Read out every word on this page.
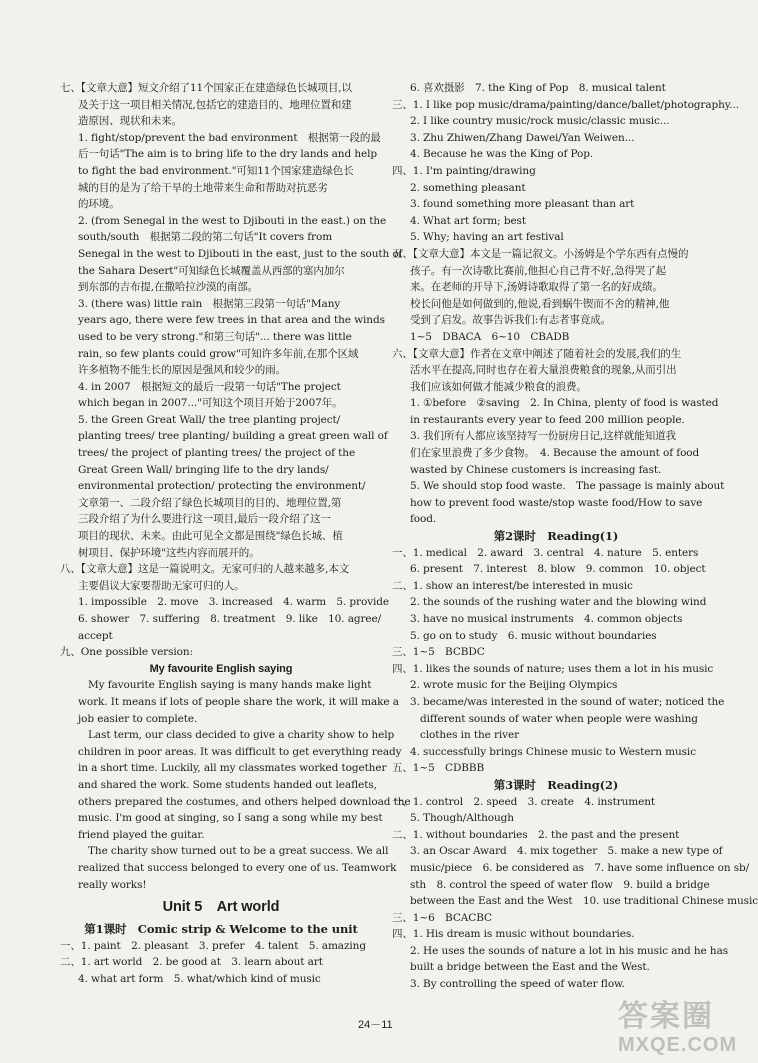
七、【文章大意】短文介绍了11个国家正在建造绿色长城项目,以
及关于这一项目相关情况,包括它的建造目的、地理位置和建
造原因、现状和未来。
1. fight/stop/prevent the bad environment　根据第一段的最
后一句话"The aim is to bring life to the dry lands and help
to fight the bad environment."可知11个国家建造绿色长
城的目的是为了给干旱的土地带来生命和帮助对抗恶劣
的环境。
2. (from Senegal in the west to Djibouti in the east.) on the
south/south　根据第二段的第二句话"It covers from
Senegal in the west to Djibouti in the east, just to the south of
the Sahara Desert"可知绿色长城覆盖从西部的塞内加尔
到东部的吉布提,在撒哈拉沙漠的南部。
3. (there was) little rain　根据第三段第一句话"Many
years ago, there were few trees in that area and the winds
used to be very strong."和第三句话"... there was little
rain, so few plants could grow"可知许多年前,在那个区域
许多植物不能生长的原因是强风和较少的雨。
4. in 2007　根据短文的最后一段第一句话"The project
which began in 2007..."可知这个项目开始于2007年。
5. the Green Great Wall/ the tree planting project/
planting trees/ tree planting/ building a great green wall of
trees/ the project of planting trees/ the project of the
Great Green Wall/ bringing life to the dry lands/
environmental protection/ protecting the environment/
文章第一、二段介绍了绿色长城项目的目的、地理位置,第
三段介绍了为什么要进行这一项目,最后一段介绍了这一
项目的现状、未来。由此可见全文都是围绕"绿色长城、植
树项目、保护环境"这些内容而展开的。
八、【文章大意】这是一篇说明文。无家可归的人越来越多,本文
主要倡议大家要帮助无家可归的人。
1. impossible　2. move　3. increased　4. warm　5. provide
6. shower　7. suffering　8. treatment　9. like　10. agree/
accept
九、One possible version:
My favourite English saying
My favourite English saying is many hands make light
work. It means if lots of people share the work, it will make a
job easier to complete.
Last term, our class decided to give a charity show to help
children in poor areas. It was difficult to get everything ready
in a short time. Luckily, all my classmates worked together
and shared the work. Some students handed out leaflets,
others prepared the costumes, and others helped download the
music. I'm good at singing, so I sang a song while my best
friend played the guitar.
The charity show turned out to be a great success. We all
realized that success belonged to every one of us. Teamwork
really works!
Unit 5　Art world
第1课时　Comic strip & Welcome to the unit
一、1. paint　2. pleasant　3. prefer　4. talent　5. amazing
二、1. art world　2. be good at　3. learn about art
4. what art form　5. what/which kind of music
6. 喜欢摄影　7. the King of Pop　8. musical talent
三、1. I like pop music/drama/painting/dance/ballet/photography...
2. I like country music/rock music/classic music...
3. Zhu Zhiwen/Zhang Dawei/Yan Weiwen...
4. Because he was the King of Pop.
四、1. I'm painting/drawing
2. something pleasant
3. found something more pleasant than art
4. What art form; best
5. Why; having an art festival
五、【文章大意】本文是一篇记叙文。小汤姆是个学东西有点慢的
孩子。有一次诗歌比赛前,他担心自己背不好,急得哭了起
来。在老师的开导下,汤姆诗歌取得了第一名的好成绩。
校长问他是如何做到的,他说,看到蜗牛锲而不舍的精神,他
受到了启发。故事告诉我们:有志者事竟成。
1~5　DBACA　6~10　CBADB
六、【文章大意】作者在文章中阐述了随着社会的发展,我们的生
活水平在提高,同时也存在着大量浪费粮食的现象,从而引出
我们应该如何做才能减少粮食的浪费。
1. ①before　②saving　2. In China, plenty of food is wasted
in restaurants every year to feed 200 million people.
3. 我们所有人都应该坚持写一份厨房日记,这样就能知道我
们在家里浪费了多少食物。　4. Because the amount of food
wasted by Chinese customers is increasing fast.
5. We should stop food waste.　The passage is mainly about
how to prevent food waste/stop waste food/How to save
food.
第2课时　Reading(1)
一、1. medical　2. award　3. central　4. nature　5. enters
6. present　7. interest　8. blow　9. common　10. object
二、1. show an interest/be interested in music
2. the sounds of the rushing water and the blowing wind
3. have no musical instruments　4. common objects
5. go on to study　6. music without boundaries
三、1~5　BCBDC
四、1. likes the sounds of nature; uses them a lot in his music
2. wrote music for the Beijing Olympics
3. became/was interested in the sound of water; noticed the
different sounds of water when people were washing
clothes in the river
4. successfully brings Chinese music to Western music
五、1~5　CDBBB
第3课时　Reading(2)
一、1. control　2. speed　3. create　4. instrument
5. Though/Although
二、1. without boundaries　2. the past and the present
3. an Oscar Award　4. mix together　5. make a new type of
music/piece　6. be considered as　7. have some influence on sb/
sth　8. control the speed of water flow　9. build a bridge
between the East and the West　10. use traditional Chinese music
三、1~6　BCACBC
四、1. His dream is music without boundaries.
2. He uses the sounds of nature a lot in his music and he has
built a bridge between the East and the West.
3. By controlling the speed of water flow.
24－11	答案圈
MXQE.COM
